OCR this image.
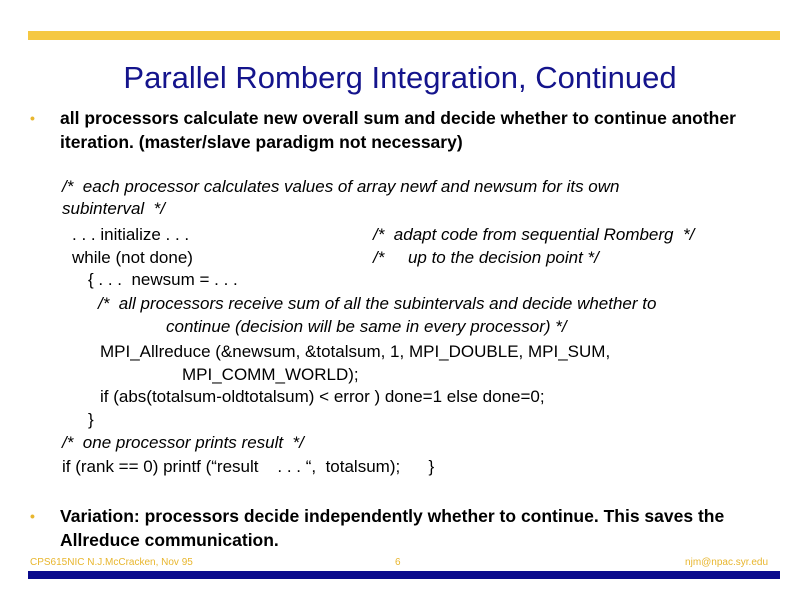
Parallel Romberg Integration, Continued
• all processors calculate new overall sum and decide whether to continue another iteration. (master/slave paradigm not necessary)
/*  each processor calculates values of array newf and newsum for its own
subinterval  */
. . . initialize . . .	/*  adapt code from sequential Romberg  */
while (not done)	/*     up to the decision point */
{ . . .  newsum = . . .
/*  all processors receive sum of all the subintervals and decide whether to
continue (decision will be same in every processor) */
MPI_Allreduce (&newsum, &totalsum, 1, MPI_DOUBLE, MPI_SUM,
MPI_COMM_WORLD);
if (abs(totalsum-oldtotalsum) < error ) done=1 else done=0;
}
/*  one processor prints result  */
if (rank == 0) printf (“result    . . . “,  totalsum);      }
• Variation: processors decide independently whether to continue. This saves the Allreduce communication.
CPS615NIC N.J.McCracken, Nov 95	6	njm@npac.syr.edu
